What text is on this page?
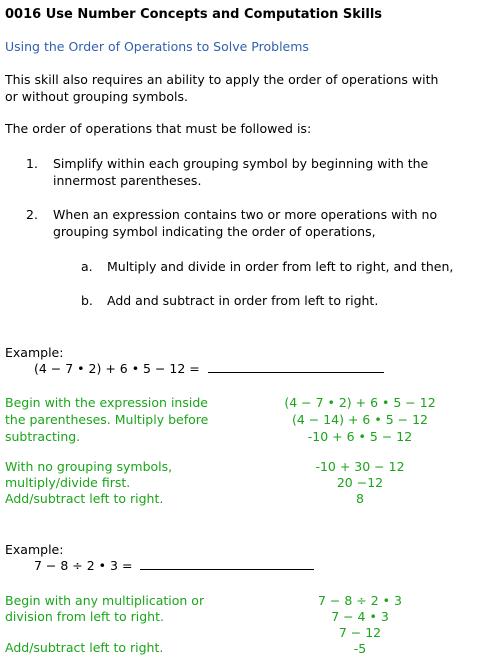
0016 Use Number Concepts and Computation Skills
Using the Order of Operations to Solve Problems
This skill also requires an ability to apply the order of operations with
or without grouping symbols.
The order of operations that must be followed is:
1. Simplify within each grouping symbol by beginning with the
innermost parentheses.
2. When an expression contains two or more operations with no
grouping symbol indicating the order of operations,
a. Multiply and divide in order from left to right, and then,
b. Add and subtract in order from left to right.
Example:
(4 − 7 • 2) + 6 • 5 − 12 =
Begin with the expression inside
the parentheses. Multiply before
subtracting.
With no grouping symbols,
multiply/divide first.
Add/subtract left to right.
(4 − 7 • 2) + 6 • 5 − 12
(4 − 14) + 6 • 5 − 12
-10 + 6 • 5 − 12
-10 + 30 − 12
20 −12
8
Example:
7 − 8 ÷ 2 • 3 =
Begin with any multiplication or
division from left to right.
Add/subtract left to right.
7 − 8 ÷ 2 • 3
7 − 4 • 3
7 − 12
-5
